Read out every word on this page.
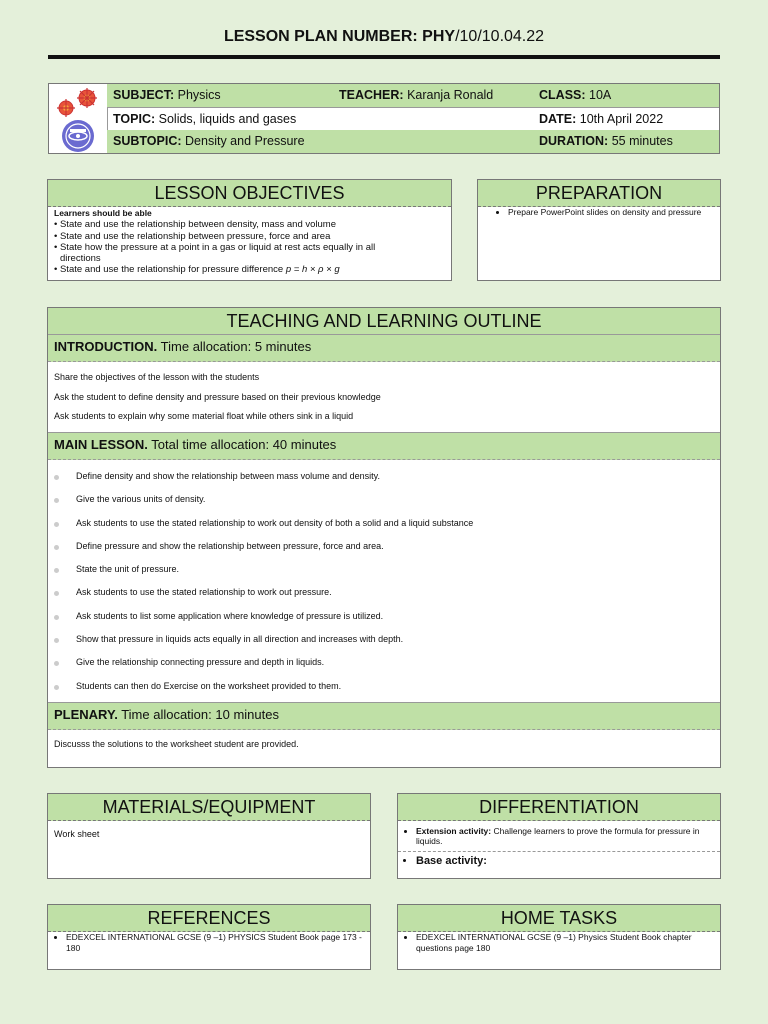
LESSON PLAN NUMBER: PHY/10/10.04.22
SUBJECT: Physics	TEACHER: Karanja Ronald	CLASS: 10A
TOPIC: Solids, liquids and gases	DATE: 10th April 2022
SUBTOPIC: Density and Pressure	DURATION: 55 minutes
LESSON OBJECTIVES
Learners should be able
• State and use the relationship between density, mass and volume
• State and use the relationship between pressure, force and area
• State how the pressure at a point in a gas or liquid at rest acts equally in all
directions
• State and use the relationship for pressure difference p = h × ρ × g
PREPARATION
• Prepare PowerPoint slides on density and pressure
TEACHING AND LEARNING OUTLINE
INTRODUCTION. Time allocation: 5 minutes
Share the objectives of the lesson with the students
Ask the student to define density and pressure based on their previous knowledge
Ask students to explain why some material float while others sink in a liquid
MAIN LESSON. Total time allocation: 40 minutes
Define density and show the relationship between mass volume and density.
Give the various units of density.
Ask students to use the stated relationship to work out density of both a solid and a liquid substance
Define pressure and show the relationship between pressure, force and area.
State the unit of pressure.
Ask students to use the stated relationship to work out pressure.
Ask students to list some application where knowledge of pressure is utilized.
Show that pressure in liquids acts equally in all direction and increases with depth.
Give the relationship connecting pressure and depth in liquids.
Students can then do Exercise on the worksheet provided to them.
PLENARY. Time allocation: 10 minutes
Discusss the solutions to the worksheet student are provided.
MATERIALS/EQUIPMENT
Work sheet
DIFFERENTIATION
• Extension activity: Challenge learners to prove the formula for pressure in liquids.
• Base activity:
REFERENCES
• EDEXCEL INTERNATIONAL GCSE (9 –1) PHYSICS Student Book page 173 - 180
HOME TASKS
• EDEXCEL INTERNATIONAL GCSE (9 –1) Physics Student Book chapter questions page 180
